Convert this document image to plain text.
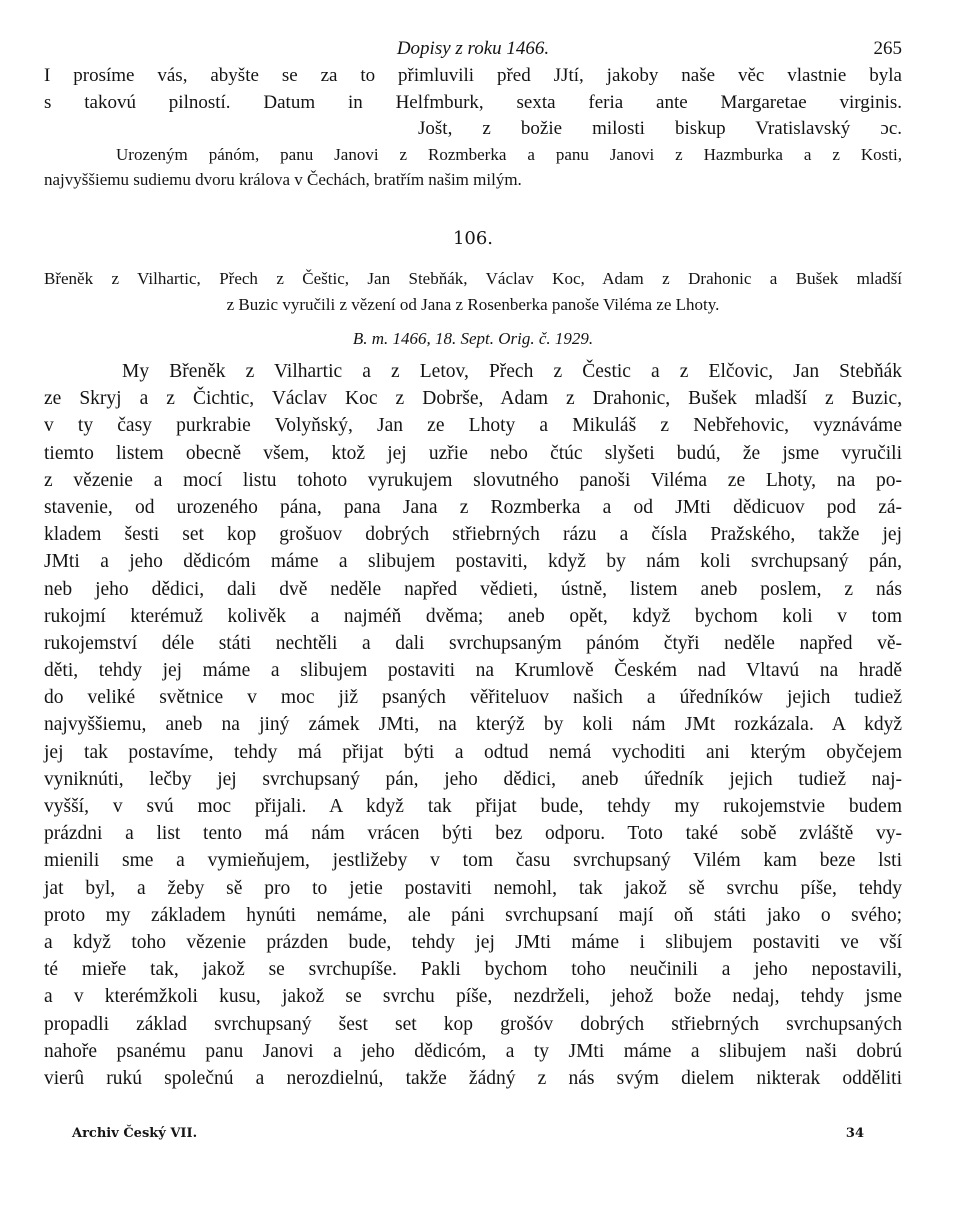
Dopisy z roku 1466.	265
I prosíme vás, abyšte se za to přimluvili před JJtí, jakoby naše věc vlastnie byla
s takovú pilností. Datum in Helfmburk, sexta feria ante Margaretae virginis.
Jošt, z božie milosti biskup Vratislavský ɔc.
Urozeným pánóm, panu Janovi z Rozmberka a panu Janovi z Hazmburka a z Kosti,
najvyššiemu sudiemu dvoru králova v Čechách, bratřím našim milým.
106.
Břeněk z Vilhartic, Přech z Češtic, Jan Stebňák, Václav Koc, Adam z Drahonic a Bušek mladší
z Buzic vyručili z vězení od Jana z Rosenberka panoše Viléma ze Lhoty.
B. m. 1466, 18. Sept. Orig. č. 1929.
My Břeněk z Vilhartic a z Letov, Přech z Čestic a z Elčovic, Jan Stebňák
ze Skryj a z Čichtic, Václav Koc z Dobrše, Adam z Drahonic, Bušek mladší z Buzic,
v ty časy purkrabie Volyňský, Jan ze Lhoty a Mikuláš z Nebřehovic, vyznáváme
tiemto listem obecně všem, ktož jej uzřie nebo čtúc slyšeti budú, že jsme vyručili
z vězenie a mocí listu tohoto vyrukujem slovutného panoši Viléma ze Lhoty, na po-
stavenie, od urozeného pána, pana Jana z Rozmberka a od JMti dědicuov pod zá-
kladem šesti set kop grošuov dobrých střiebrných rázu a čísla Pražského, takže jej
JMti a jeho dědicóm máme a slibujem postaviti, když by nám koli svrchupsaný pán,
neb jeho dědici, dali dvě neděle napřed vědieti, ústně, listem aneb poslem, z nás
rukojmí kterémuž kolivěk a najméň dvěma; aneb opět, když bychom koli v tom
rukojemství déle státi nechtěli a dali svrchupsaným pánóm čtyři neděle napřed vě-
děti, tehdy jej máme a slibujem postaviti na Krumlově Českém nad Vltavú na hradě
do veliké světnice v moc již psaných věřiteluov našich a úředníków jejich tudiež
najvyššiemu, aneb na jiný zámek JMti, na kterýž by koli nám JMt rozkázala. A když
jej tak postavíme, tehdy má přijat býti a odtud nemá vychoditi ani kterým obyčejem
vyniknúti, lečby jej svrchupsaný pán, jeho dědici, aneb úředník jejich tudiež naj-
vyšší, v svú moc přijali. A když tak přijat bude, tehdy my rukojemstvie budem
prázdni a list tento má nám vrácen býti bez odporu. Toto také sobě zvláště vy-
mienili sme a vymieňujem, jestližeby v tom času svrchupsaný Vilém kam beze lsti
jat byl, a žeby sě pro to jetie postaviti nemohl, tak jakož sě svrchu píše, tehdy
proto my základem hynúti nemáme, ale páni svrchupsaní mají oň státi jako o svého;
a když toho vězenie prázden bude, tehdy jej JMti máme i slibujem postaviti ve vší
té mieře tak, jakož se svrchupíše. Pakli bychom toho neučinili a jeho nepostavili,
a v kterémžkoli kusu, jakož se svrchu píše, nezdrželi, jehož bože nedaj, tehdy jsme
propadli základ svrchupsaný šest set kop grošóv dobrých střiebrných svrchupsaných
nahoře psanému panu Janovi a jeho dědicóm, a ty JMti máme a slibujem naši dobrú
vierû rukú společnú a nerozdielnú, takže žádný z nás svým dielem nikterak odděliti
Archiv Český VII.	34
